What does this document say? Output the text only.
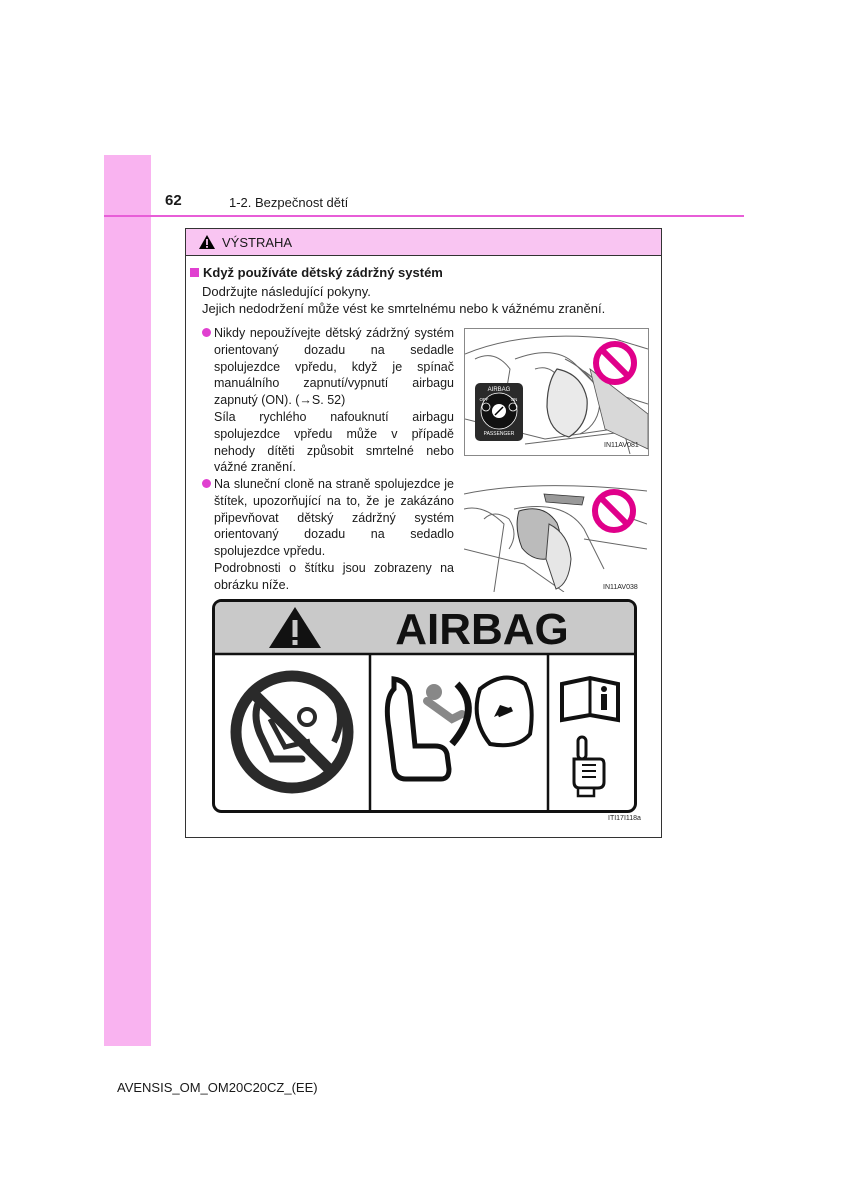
62	1-2. Bezpečnost dětí
VÝSTRAHA
Když používáte dětský zádržný systém
Dodržujte následující pokyny.
Jejich nedodržení může vést ke smrtelnému nebo k vážnému zranění.

Nikdy nepoužívejte dětský zádržný systém orientovaný dozadu na sedadle spolujezdce vpředu, když je spínač manuálního zapnutí/vypnutí airbagu zapnutý (ON). (→S. 52)

Síla rychlého nafouknutí airbagu spolujezdce vpředu může v případě nehody dítěti způsobit smrtelné nebo vážné zranění.

AIRBAG
OFF	ON
PASSENGER
IN11AV081

Na sluneční cloně na straně spolujezdce je štítek, upozorňující na to, že je zakázáno připevňovat dětský zádržný systém orientovaný dozadu na sedadlo spolujezdce vpředu.

Podrobnosti o štítku jsou zobrazeny na obrázku níže.	IN11AV038
AIRBAG
ITI17I118a
AVENSIS_OM_OM20C20CZ_(EE)
